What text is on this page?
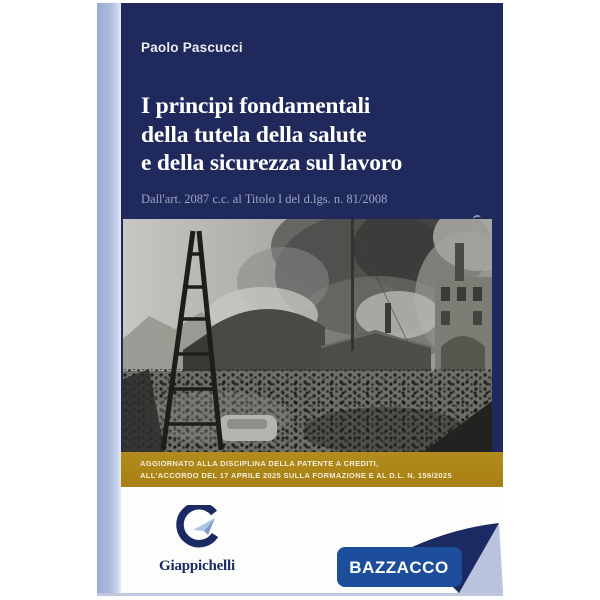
Paolo Pascucci
I principi fondamentali
della tutela della salute
e della sicurezza sul lavoro
Dall'art. 2087 c.c. al Titolo I del d.lgs. n. 81/2008
AGGIORNATO ALLA DISCIPLINA DELLA PATENTE A CREDITI,
ALL'ACCORDO DEL 17 APRILE 2025 SULLA FORMAZIONE E AL D.L. N. 159/2025
Giappichelli	BAZZACCO
